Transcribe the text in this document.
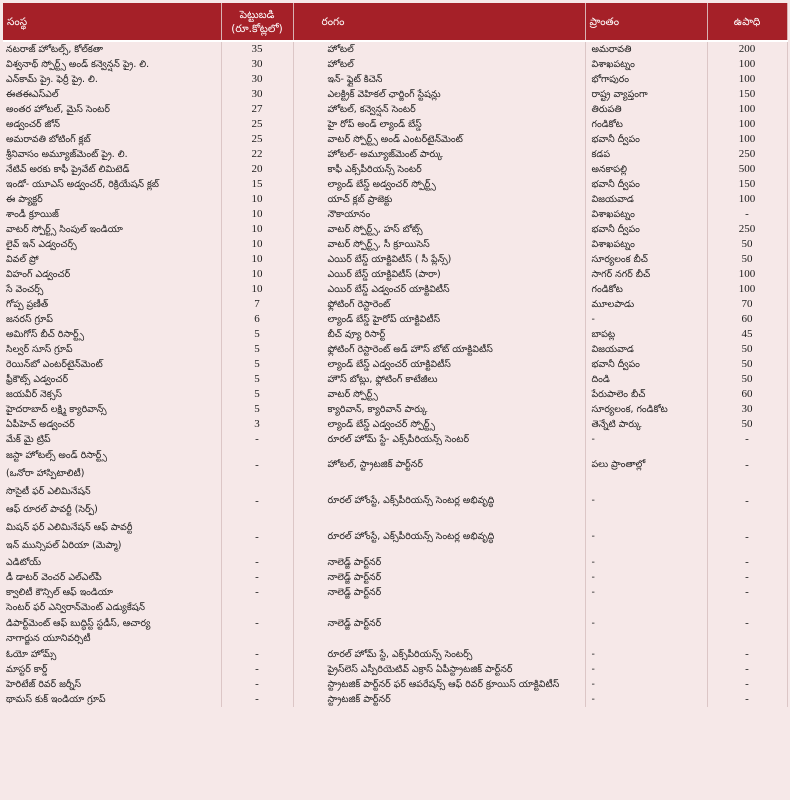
సంస్థ	పెట్టుబడి
(రూ.కోట్లలో)	రంగం	ప్రాంతం	ఉపాధి

నటరాజ్ హోటల్స్, కోల్‌కతా	35	హోటల్	అమరావతి	200

విశ్వనాథ్ స్పోర్ట్స్ అండ్ కన్వెన్షన్ ప్రై. లి.	30	హోటల్	విశాఖపట్నం	100

ఎన్‌కామ్ ప్రై. ఫెర్రీ ప్రై. లి.	30	ఇన్- ఫ్లైట్ కిచెన్	భోగాపురం	100

ఈతఈఎస్ఎల్	30	ఎలక్ట్రిక్ వెహికల్ ఛార్జింగ్ స్టేషన్లు	రాష్ట్ర వ్యాప్తంగా	150

అంతర హోటల్, మైస్ సెంటర్	27	హోటల్, కన్వెన్షన్ సెంటర్	తిరుపతి	100

అడ్వంచర్ జోన్	25	హై రోప్ అండ్ ల్యాండ్ బేస్డ్	గండికోట	100

అమరావతి బోటింగ్ క్లబ్	25	వాటర్ స్పోర్ట్స్ అండ్ ఎంటర్‌టైన్‌మెంట్	భవానీ ద్వీపం	100

శ్రీనివాసం అమ్యూజ్‌మెంట్ ప్రై. లి.	22	హోటల్- అమ్యూజ్‌మెంట్ పార్కు	కడప	250

నేటివ్ అరకు కాఫీ ప్రైవేట్ లిమిటెడ్	20	కాఫీ ఎక్స్‌పీరియన్స్ సెంటర్	అనకాపల్లి	500

ఇండో- యూఎస్ అడ్వంచర్, రిక్రియేషన్ క్లబ్	15	ల్యాండ్ బేస్డ్ అడ్వంచర్ స్పోర్ట్స్	భవానీ ద్వీపం	150

ఈ ప్యాక్టర్	10	యాచ్ క్లబ్ ప్రాజెక్టు	విజయవాడ	100

శాండీ క్రూయిజ్	10	నౌకాయానం	విశాఖపట్నం	-

వాటర్ స్పోర్ట్స్ సింపుల్ ఇండియా	10	వాటర్ స్పోర్ట్స్, హస్ బోట్స్	భవానీ ద్వీపం	250

లైవ్ ఇన్ ఎడ్వంచర్స్	10	వాటర్ స్పోర్ట్స్, సీ క్రూయిసెస్	విశాఖపట్నం	50

వివల్ ప్రో	10	ఎయిర్ బేస్డ్ యాక్టివిటీస్ ( సీ ప్లేన్స్)	సూర్యలంక బీచ్	50

విహంగ్ ఎడ్వంచర్	10	ఎయిర్ బేస్డ్ యాక్టివిటీస్ (పారా)	సాగర్ నగర్ బీచ్	100

సే వెంచర్స్	10	ఎయిర్ బేస్డ్ ఎడ్వంచర్ యాక్టివిటీస్	గండికోట	100

గోప్ప ప్రణీత్	7	ఫ్లోటింగ్ రెస్టారెంట్	మూలపాడు	70

జనరస్ గ్రూప్	6	ల్యాండ్ బేస్డ్ హైరోప్ యాక్టివిటీస్	-	60

అమిగోస్ బీచ్ రిసార్ట్స్	5	బీచ్ వ్యూ రిసార్ట్	బాపట్ల	45

సిల్వర్ సూస్ గ్రూప్	5	ఫ్లోటింగ్ రెస్టారెంట్ అడ్ హౌస్ బోట్ యాక్టివిటీస్	విజయవాడ	50

రెయిన్‌బో ఎంటర్‌టైన్‌మెంట్	5	ల్యాండ్ బేస్డ్ ఎడ్వంచర్ యాక్టివిటీస్	భవానీ ద్వీపం	50

ఫ్రీకౌట్స్ ఎడ్వంచర్	5	హౌస్ బోట్లు, ఫ్లోటింగ్ కాటేజీలు	దిండి	50

జయవీర్ నెక్సస్	5	వాటర్ స్పోర్ట్స్	పేరుపాలెం బీచ్	60

హైదరాబాద్ లక్ష్మి క్యారివాన్స్	5	క్యారివాన్, క్యారివాన్ పార్కు	సూర్యలంక, గండికోట	30

ఏపీహెచ్ అడ్వంచర్	3	ల్యాండ్ బేస్డ్ ఎడ్వంచర్ స్పోర్ట్స్	తెన్నేటి పార్కు	50

మేక్ మై ట్రిప్	-	రూరల్ హోమ్ స్టే- ఎక్స్‌పీరియన్స్ సెంటర్	-	-

జస్టా హోటల్స్ అండ్ రిసార్ట్స్
(ఒనోరా హాస్పిటాలిటీ)	-	హోటల్, స్ట్రాటజిక్ పార్ట్‌నర్	పలు ప్రాంతాల్లో	-

సొసైటీ ఫర్ ఎలిమినేషన్
ఆఫ్ రూరల్ పావర్టీ (సెర్ప్)	-	రూరల్ హోంస్టే, ఎక్స్‌పీరియన్స్ సెంటర్ల అభివృద్ధి	-	-

మిషన్ ఫర్ ఎలిమినేషన్ ఆఫ్ పావర్టీ
ఇన్ మున్సిపల్ ఏరియా (మెప్మా)	-	రూరల్ హోంస్టే, ఎక్స్‌పీరియన్స్ సెంటర్ల అభివృద్ధి	-	-

ఎడిటోయ్	-	నాలెడ్జ్ పార్ట్‌నర్	-	-

డీ డాటర్ వెంచర్ ఎల్ఎల్‌పీ	-	నాలెడ్జ్ పార్ట్‌నర్	-	-

క్వాలిటీ కౌన్సిల్ ఆఫ్ ఇండియా	-	నాలెడ్జ్ పార్ట్‌నర్	-	-

సెంటర్ ఫర్ ఎన్విరాన్‌మెంట్ ఎడ్యుకేషన్
డిపార్ట్‌మెంట్ ఆఫ్ బుద్ధిస్ట్ స్టడీస్, ఆచార్య
నాగార్జున యూనివర్సిటీ	-	నాలెడ్జ్ పార్ట్‌నర్	-	-

ఓయో హోమ్స్	-	రూరల్ హోమ్ స్టే, ఎక్స్‌పీరియన్స్ సెంటర్స్	-	-

మాస్టర్ కార్డ్	-	ప్రైస్‌లెస్ ఎస్పీరియెటివ్ ఎక్రాస్ ఏపీస్ట్రాటజిక్ పార్ట్‌నర్	-	-

హెరిటేజ్ రివర్ జర్నీస్	-	స్ట్రాటజిక్ పార్ట్‌నర్ ఫర్ ఆపరేషన్స్ ఆఫ్ రివర్ క్రూయిస్ యాక్టివిటీస్	-	-

థామస్ కుక్ ఇండియా గ్రూప్	-	స్ట్రాటజిక్ పార్ట్‌నర్	-	-
